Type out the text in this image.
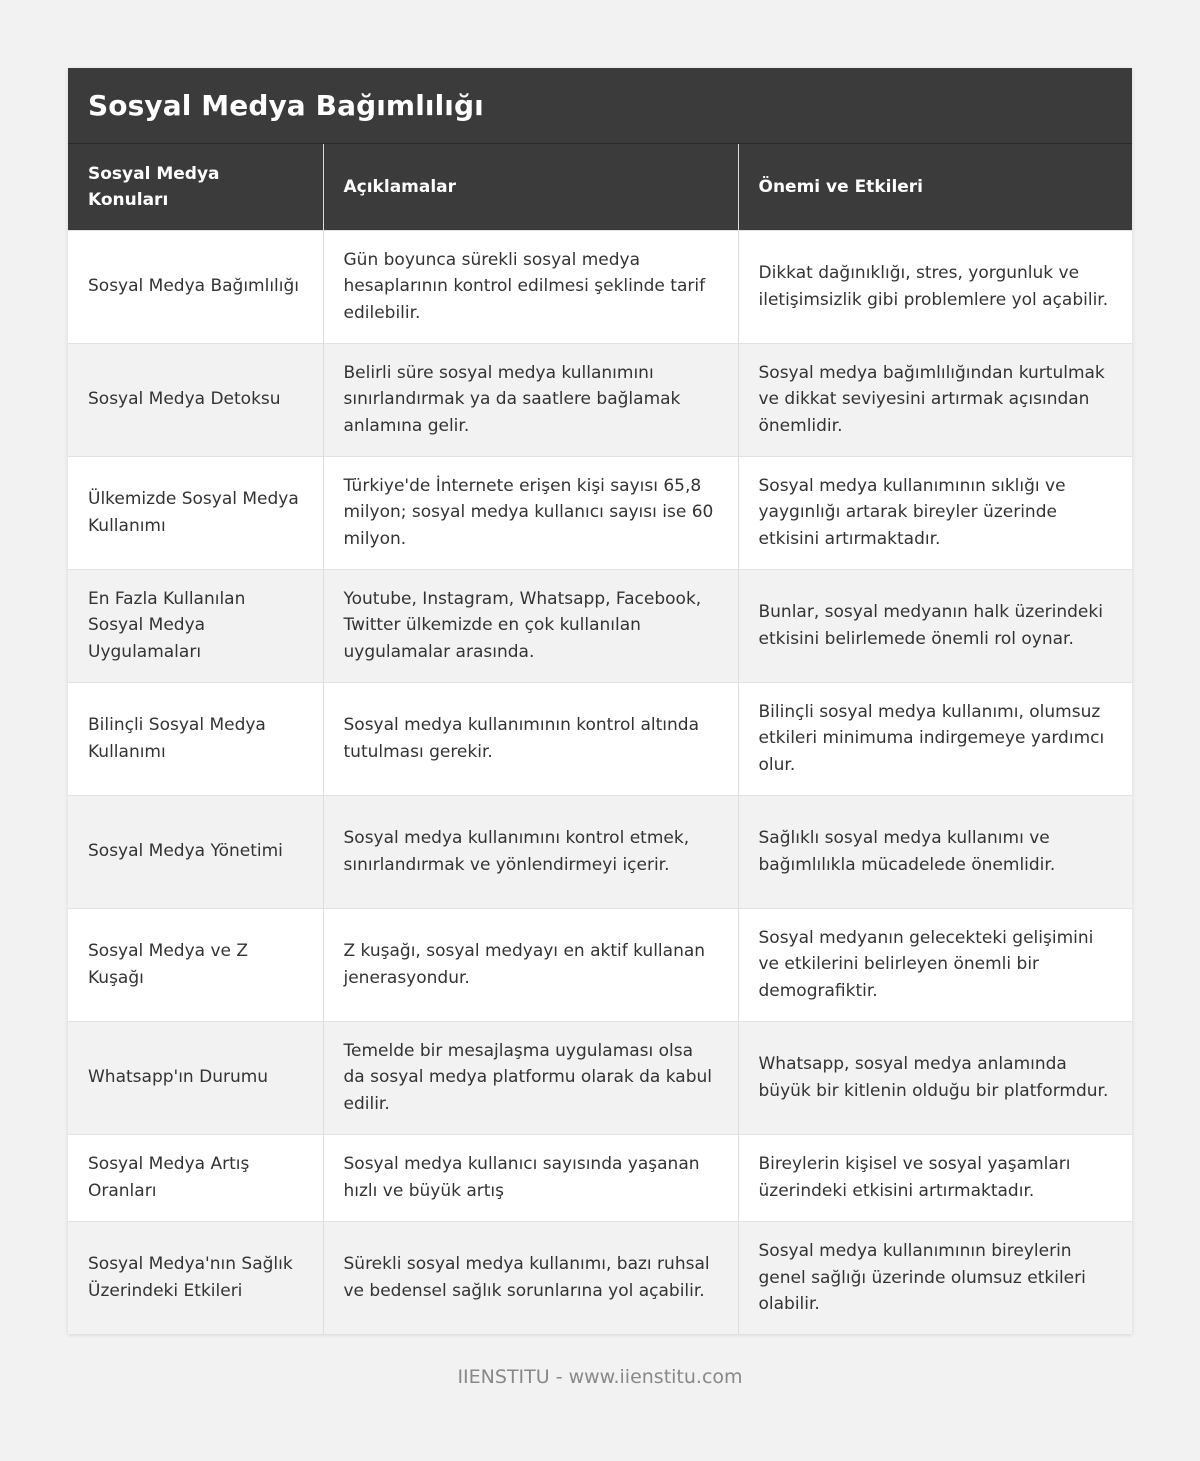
Sosyal Medya Bağımlılığı
Sosyal Medya Konuları	Açıklamalar	Önemi ve Etkileri
Sosyal Medya Bağımlılığı	Gün boyunca sürekli sosyal medya hesaplarının kontrol edilmesi şeklinde tarif edilebilir.	Dikkat dağınıklığı, stres, yorgunluk ve iletişimsizlik gibi problemlere yol açabilir.
Sosyal Medya Detoksu	Belirli süre sosyal medya kullanımını sınırlandırmak ya da saatlere bağlamak anlamına gelir.	Sosyal medya bağımlılığından kurtulmak ve dikkat seviyesini artırmak açısından önemlidir.
Ülkemizde Sosyal Medya Kullanımı	Türkiye'de İnternete erişen kişi sayısı 65,8 milyon; sosyal medya kullanıcı sayısı ise 60 milyon.	Sosyal medya kullanımının sıklığı ve yaygınlığı artarak bireyler üzerinde etkisini artırmaktadır.
En Fazla Kullanılan Sosyal Medya Uygulamaları	Youtube, Instagram, Whatsapp, Facebook, Twitter ülkemizde en çok kullanılan uygulamalar arasında.	Bunlar, sosyal medyanın halk üzerindeki etkisini belirlemede önemli rol oynar.
Bilinçli Sosyal Medya Kullanımı	Sosyal medya kullanımının kontrol altında tutulması gerekir.	Bilinçli sosyal medya kullanımı, olumsuz etkileri minimuma indirgemeye yardımcı olur.
Sosyal Medya Yönetimi	Sosyal medya kullanımını kontrol etmek, sınırlandırmak ve yönlendirmeyi içerir.	Sağlıklı sosyal medya kullanımı ve bağımlılıkla mücadelede önemlidir.
Sosyal Medya ve Z Kuşağı	Z kuşağı, sosyal medyayı en aktif kullanan jenerasyondur.	Sosyal medyanın gelecekteki gelişimini ve etkilerini belirleyen önemli bir demografiktir.
Whatsapp'ın Durumu	Temelde bir mesajlaşma uygulaması olsa da sosyal medya platformu olarak da kabul edilir.	Whatsapp, sosyal medya anlamında büyük bir kitlenin olduğu bir platformdur.
Sosyal Medya Artış Oranları	Sosyal medya kullanıcı sayısında yaşanan hızlı ve büyük artış	Bireylerin kişisel ve sosyal yaşamları üzerindeki etkisini artırmaktadır.
Sosyal Medya'nın Sağlık Üzerindeki Etkileri	Sürekli sosyal medya kullanımı, bazı ruhsal ve bedensel sağlık sorunlarına yol açabilir.	Sosyal medya kullanımının bireylerin genel sağlığı üzerinde olumsuz etkileri olabilir.
IIENSTITU - www.iienstitu.com
